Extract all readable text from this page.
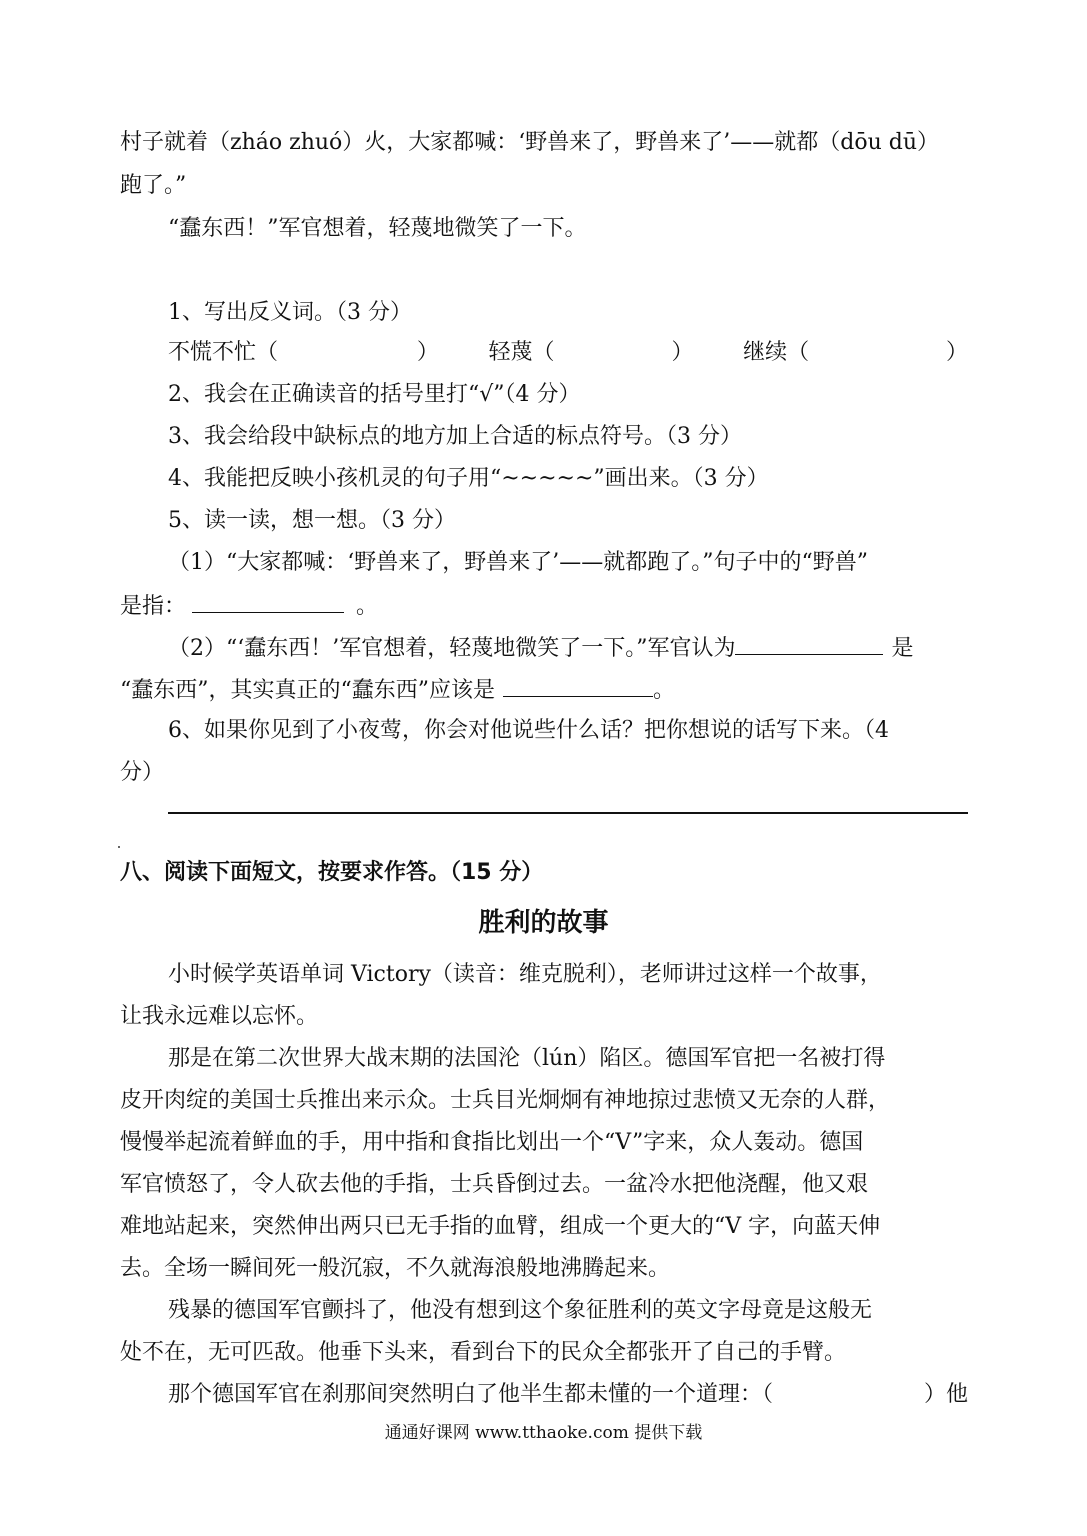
村子就着（zháo zhuó）火，大家都喊：‘野兽来了，野兽来了’——就都（dōu dū）
跑了。”
“蠢东西！”军官想着，轻蔑地微笑了一下。
1、写出反义词。（3 分）
不慌不忙（	） 轻蔑（	） 继续（	）
2、我会在正确读音的括号里打“√”（4 分）
3、我会给段中缺标点的地方加上合适的标点符号。（3 分）
4、我能把反映小孩机灵的句子用“~~~~~”画出来。（3 分）
5、读一读，想一想。（3 分）
（1）“大家都喊：‘野兽来了，野兽来了’——就都跑了。”句子中的“野兽”
是指：	。
（2）“‘蠢东西！’军官想着，轻蔑地微笑了一下。”军官认为	是
“蠢东西”，其实真正的“蠢东西”应该是	。
6、如果你见到了小夜莺，你会对他说些什么话？把你想说的话写下来。（4
分）
八、阅读下面短文，按要求作答。（15 分）
胜利的故事
小时候学英语单词 Victory（读音：维克脱利），老师讲过这样一个故事，
让我永远难以忘怀。
那是在第二次世界大战末期的法国沦（lún）陷区。德国军官把一名被打得
皮开肉绽的美国士兵推出来示众。士兵目光炯炯有神地掠过悲愤又无奈的人群，
慢慢举起流着鲜血的手，用中指和食指比划出一个“V”字来，众人轰动。德国
军官愤怒了，令人砍去他的手指，士兵昏倒过去。一盆冷水把他浇醒，他又艰
难地站起来，突然伸出两只已无手指的血臂，组成一个更大的“V 字，向蓝天伸
去。全场一瞬间死一般沉寂，不久就海浪般地沸腾起来。
残暴的德国军官颤抖了，他没有想到这个象征胜利的英文字母竟是这般无
处不在，无可匹敌。他垂下头来，看到台下的民众全都张开了自己的手臂。
那个德国军官在刹那间突然明白了他半生都未懂的一个道理：（	）他
通通好课网 www.tthaoke.com 提供下载
